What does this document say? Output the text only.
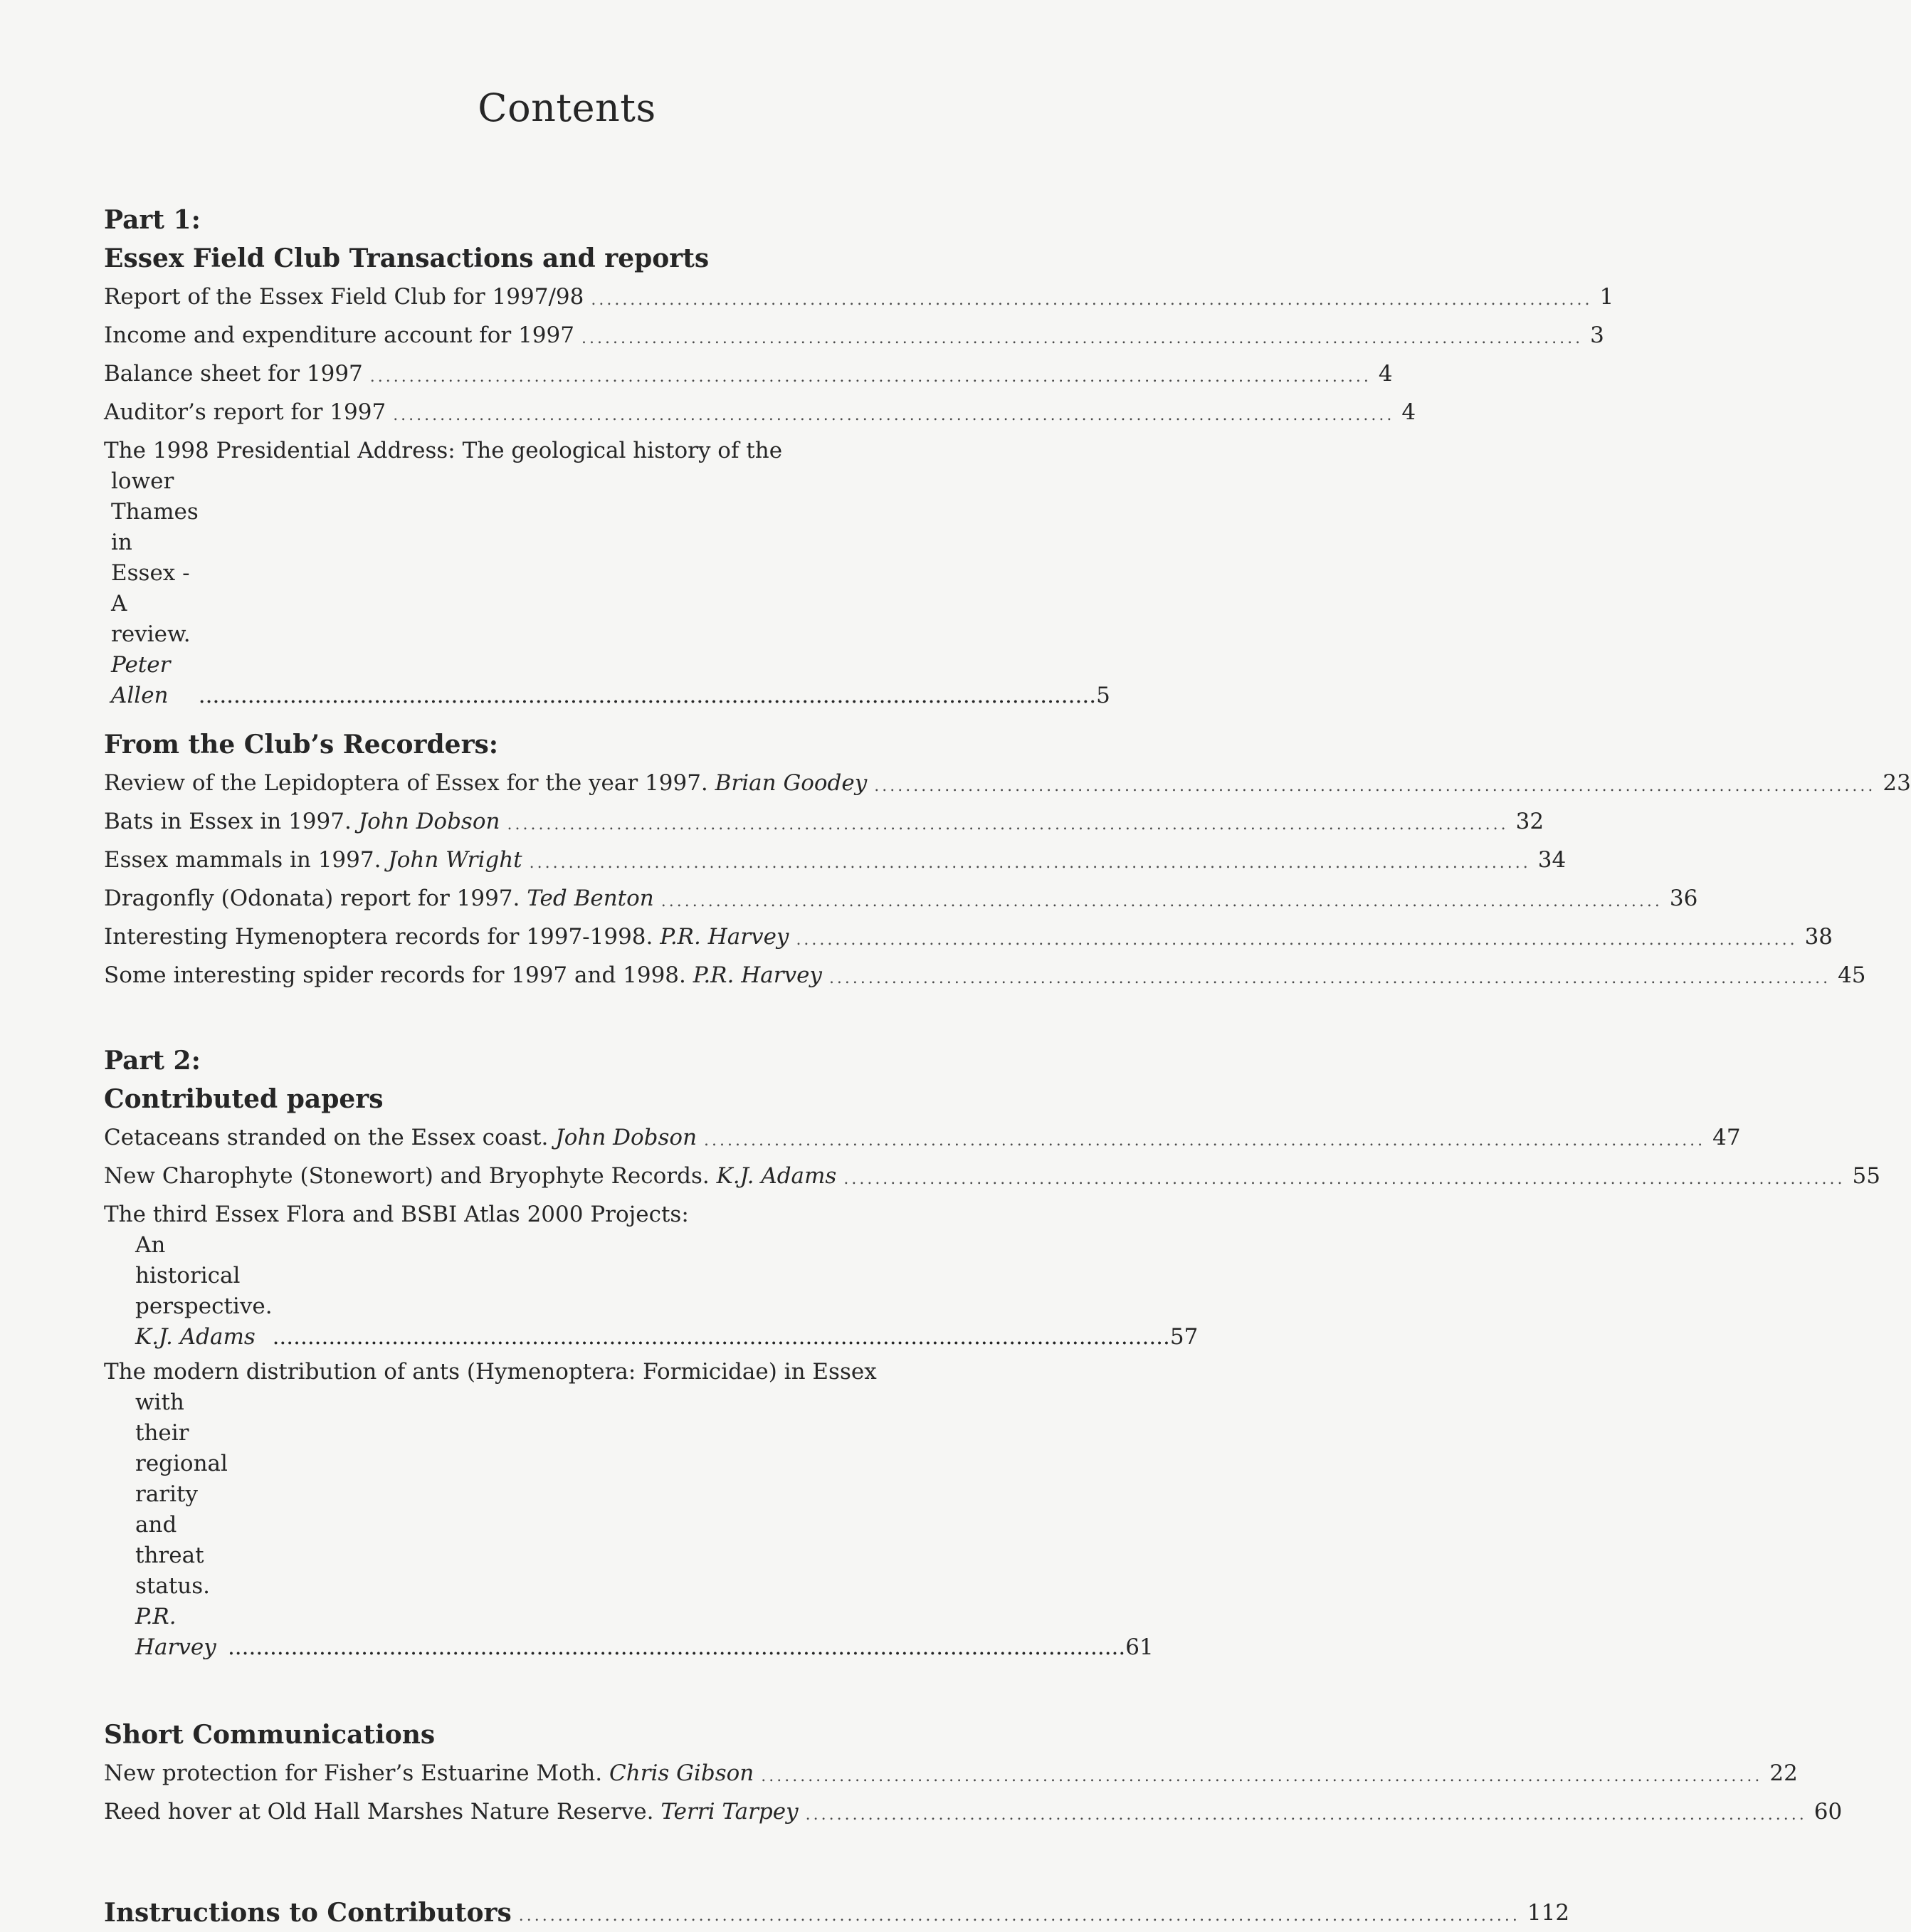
Contents
Part 1:
Essex Field Club Transactions and reports
Report of the Essex Field Club for 1997/98 ................................................................................................................................ 1
Income and expenditure account for 1997 ................................................................................................................................ 3
Balance sheet for 1997 ................................................................................................................................ 4
Auditor’s report for 1997 ................................................................................................................................ 4
The 1998 Presidential Address: The geological history of the
lower Thames in Essex - A review. Peter Allen	................................................................................................................................ 5
From the Club’s Recorders:
Review of the Lepidoptera of Essex for the year 1997. Brian Goodey ................................................................................................................................ 23
Bats in Essex in 1997. John Dobson ................................................................................................................................ 32
Essex mammals in 1997. John Wright ................................................................................................................................ 34
Dragonfly (Odonata) report for 1997. Ted Benton ................................................................................................................................ 36
Interesting Hymenoptera records for 1997-1998. P.R. Harvey ................................................................................................................................ 38
Some interesting spider records for 1997 and 1998. P.R. Harvey ................................................................................................................................ 45
Part 2:
Contributed papers
Cetaceans stranded on the Essex coast. John Dobson ................................................................................................................................ 47
New Charophyte (Stonewort) and Bryophyte Records. K.J. Adams ................................................................................................................................ 55
The third Essex Flora and BSBI Atlas 2000 Projects:
An historical perspective. K.J. Adams ................................................................................................................................ 57
The modern distribution of ants (Hymenoptera: Formicidae) in Essex
with their regional rarity and threat status. P.R. Harvey ................................................................................................................................ 61
Short Communications
New protection for Fisher’s Estuarine Moth. Chris Gibson ................................................................................................................................ 22
Reed hover at Old Hall Marshes Nature Reserve. Terri Tarpey ................................................................................................................................ 60
Instructions to Contributors ................................................................................................................................ 112
